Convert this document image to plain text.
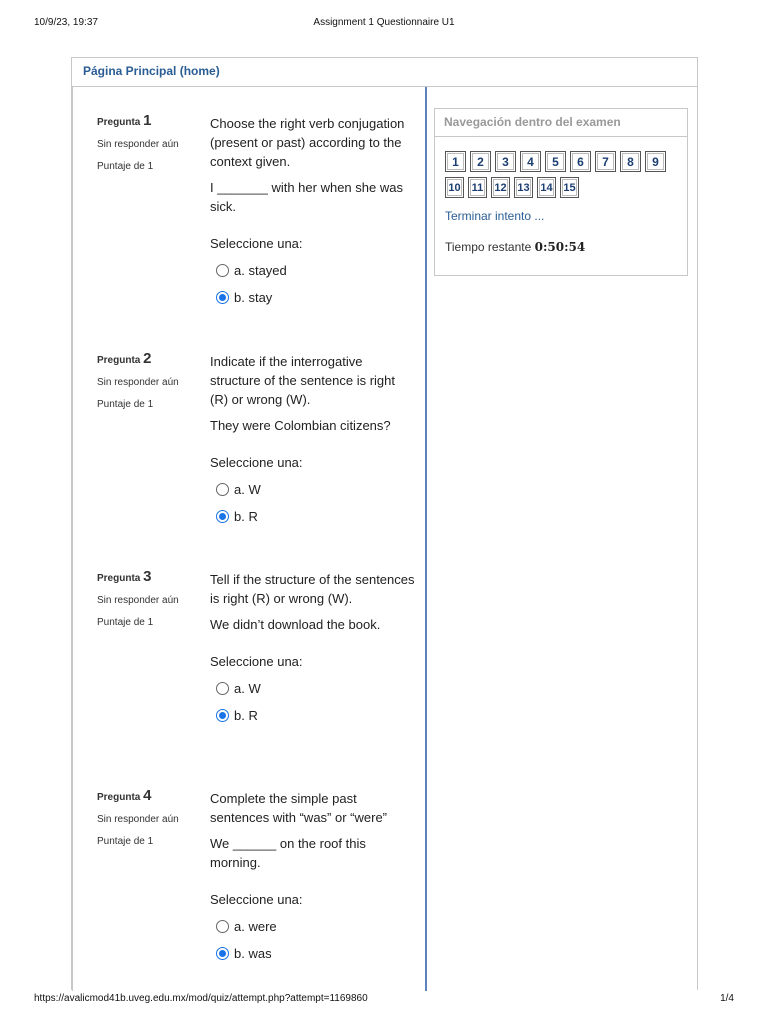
10/9/23, 19:37	Assignment 1 Questionnaire U1
Página Principal (home)
Pregunta 1
Sin responder aún
Puntaje de 1
Choose the right verb conjugation (present or past) according to the context given.
I _______ with her when she was sick.
Seleccione una:
a. stayed
b. stay
Pregunta 2
Sin responder aún
Puntaje de 1
Indicate if the interrogative structure of the sentence is right (R) or wrong (W).
They were Colombian citizens?
Seleccione una:
a. W
b. R
Pregunta 3
Sin responder aún
Puntaje de 1
Tell if the structure of the sentences is right (R) or wrong (W).
We didn’t download the book.
Seleccione una:
a. W
b. R
Pregunta 4
Sin responder aún
Puntaje de 1
Complete the simple past sentences with “was” or “were”
We ______ on the roof this morning.
Seleccione una:
a. were
b. was
Navegación dentro del examen
1	2	3	4	5	6	7	8	9
10	11	12 13 14 15
Terminar intento ...
Tiempo restante 0:50:54
https://avalicmod41b.uveg.edu.mx/mod/quiz/attempt.php?attempt=1169860	1/4
